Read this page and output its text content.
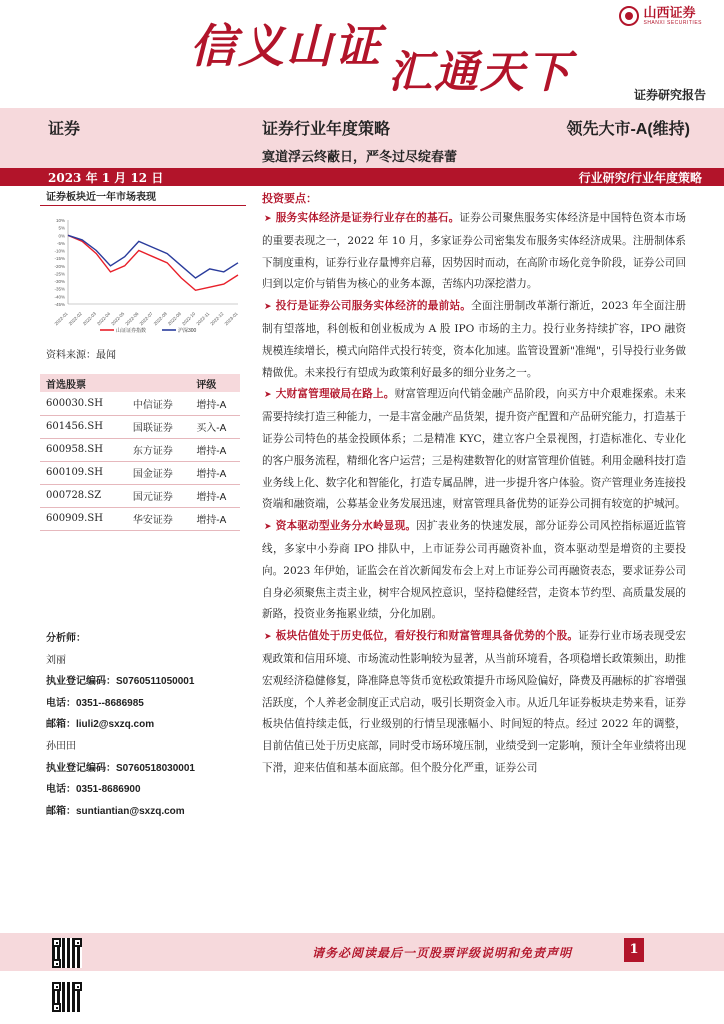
信义山证 汇通天下
山西证券
SHANXI SECURITIES
证券研究报告
证券	证券行业年度策略	领先大市-A(维持)
寞道浮云终蔽日，严冬过尽绽春蕾
2023 年 1 月 12 日	行业研究/行业年度策略
证券板块近一年市场表现
10%
5%
0%
-5%
-10%
-15%
-20%
-25%
-30%
-35%
-40%
-45%
2022-01
2022-02
2022-03
2022-04
2022-05
2022-06
2022-07
2022-08
2022-09
2022-10 2022-11
2022-12
2023-01
山证证券指数	沪深300
资料来源：最闻
首选股票		评级
600030.SH	中信证券	增持-A
601456.SH	国联证券	买入-A
600958.SH	东方证券	增持-A
600109.SH	国金证券	增持-A
000728.SZ	国元证券	增持-A
600909.SH	华安证券	增持-A
分析师：
刘丽
执业登记编码：S0760511050001
电话：0351--8686985
邮箱：liuli2@sxzq.com
孙田田
执业登记编码：S0760518030001
电话：0351-8686900
邮箱：suntiantian@sxzq.com
投资要点：

➤ 服务实体经济是证券行业存在的基石。证券公司聚焦服务实体经济是中国特色资本市场的重要表现之一，2022 年 10 月，多家证券公司密集发布服务实体经济成果。注册制体系下制度重构，证券行业存量博弈启幕，因势因时而动，在高阶市场化竞争阶段，证券公司回归到以定价与销售为核心的业务本源，苦练内功深挖潜力。

➤ 投行是证券公司服务实体经济的最前站。全面注册制改革渐行渐近，2023 年全面注册制有望落地，科创板和创业板成为 A 股 IPO 市场的主力。投行业务持续扩容，IPO 融资规模连续增长，模式向陪伴式投行转变，资本化加速。监管设置新"准绳"，引导投行业务做精做优。未来投行有望成为政策利好最多的细分业务之一。

➤ 大财富管理破局在路上。财富管理迈向代销金融产品阶段，向买方中介艰难探索。未来需要持续打造三种能力，一是丰富金融产品货架，提升资产配置和产品研究能力，打造基于证券公司特色的基金投顾体系；二是精准 KYC，建立客户全景视图，打造标准化、专业化的客户服务流程，精细化客户运营；三是构建数智化的财富管理价值链。利用金融科技打造业务线上化、数字化和智能化，打造专属品牌，进一步提升客户体验。资产管理业务连接投资端和融资端，公募基金业务发展迅速，财富管理具备优势的证券公司拥有较宽的护城河。

➤ 资本驱动型业务分水岭显现。因扩表业务的快速发展，部分证券公司风控指标逼近监管线，多家中小券商 IPO 排队中，上市证券公司再融资补血，资本驱动型是增资的主要投向。2023 年伊始，证监会在首次新闻发布会上对上市证券公司再融资表态，要求证券公司自身必须聚焦主责主业，树牢合规风控意识，坚持稳健经营，走资本节约型、高质量发展的新路，投资业务拖累业绩，分化加剧。

➤ 板块估值处于历史低位，看好投行和财富管理具备优势的个股。证券行业市场表现受宏观政策和信用环境、市场流动性影响较为显著，从当前环境看，各项稳增长政策频出，助推宏观经济稳健修复，降准降息等货币宽松政策提升市场风险偏好，降费及再融标的扩容增强活跃度，个人养老金制度正式启动，吸引长期资金入市。从近几年证券板块走势来看，证券板块估值持续走低，行业级别的行情呈现涨幅小、时间短的特点。经过 2022 年的调整，目前估值已处于历史底部，同时受市场环境压制，业绩受到一定影响，预计全年业绩将出现下滑，迎来估值和基本面底部。但个股分化严重，证券公司

请务必阅读最后一页股票评级说明和免责声明	1
